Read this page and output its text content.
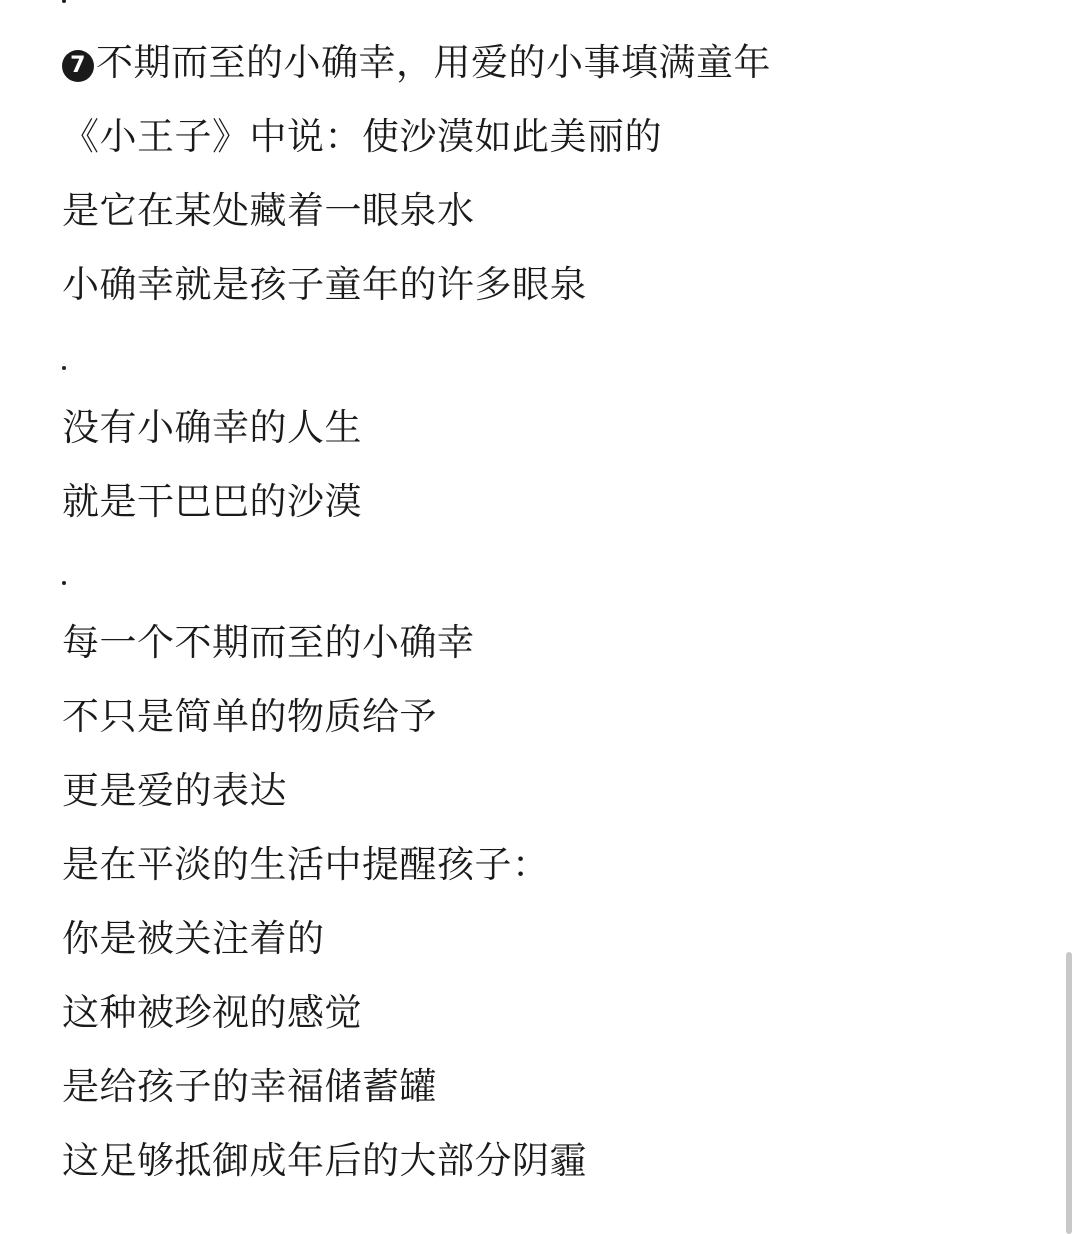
7 不期而至的小确幸，用爱的小事填满童年
《小王子》中说：使沙漠如此美丽的
是它在某处藏着一眼泉水
小确幸就是孩子童年的许多眼泉
没有小确幸的人生
就是干巴巴的沙漠
每一个不期而至的小确幸
不只是简单的物质给予
更是爱的表达
是在平淡的生活中提醒孩子：
你是被关注着的
这种被珍视的感觉
是给孩子的幸福储蓄罐
这足够抵御成年后的大部分阴霾
